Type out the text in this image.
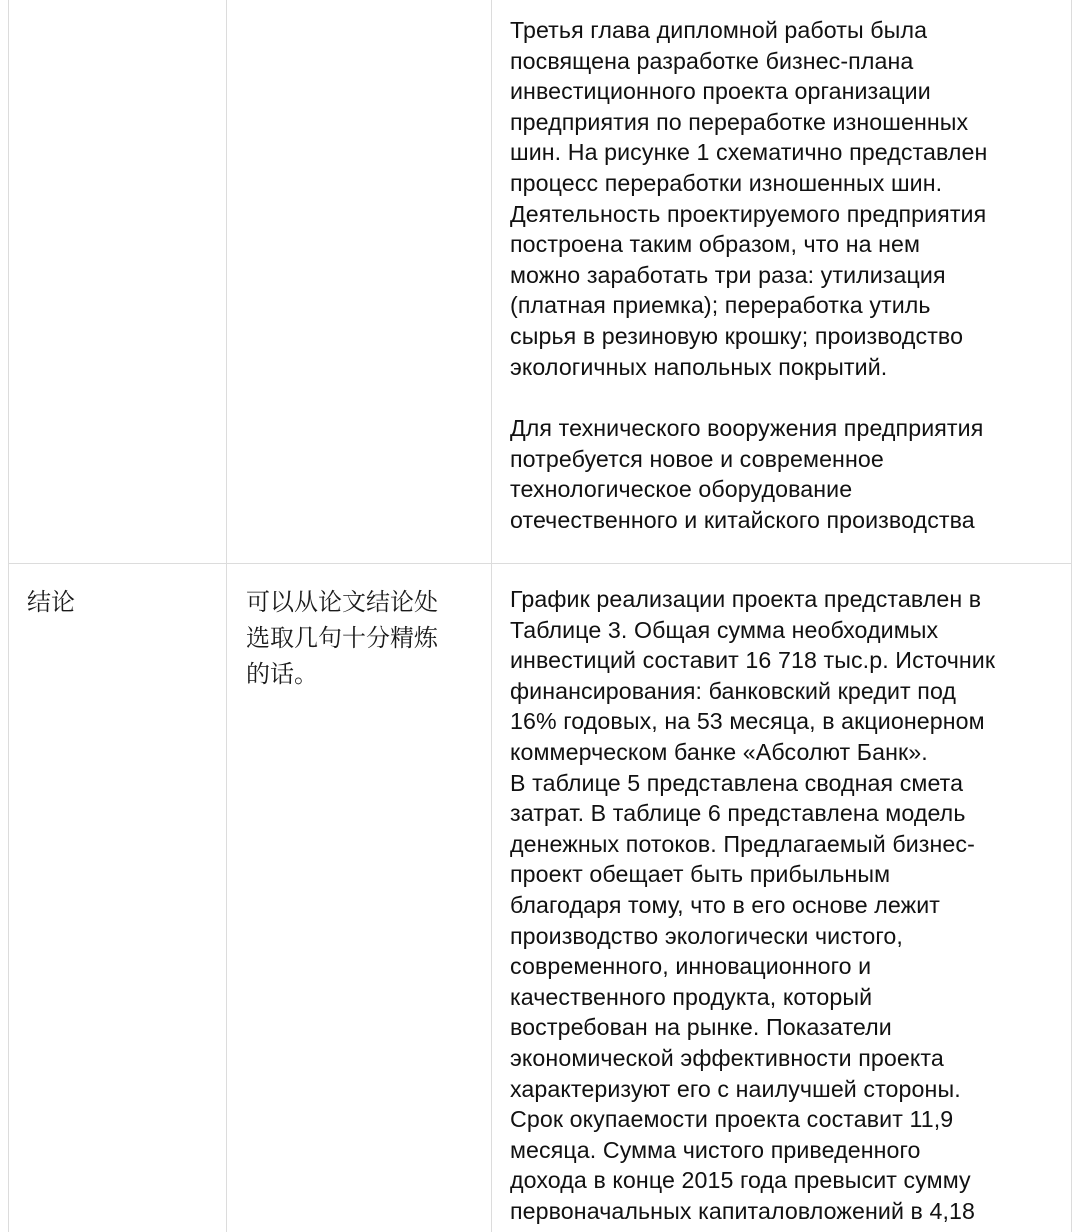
Третья глава дипломной работы была

посвящена разработке бизнес-плана

инвестиционного проекта организации

предприятия по переработке изношенных

шин. На рисунке 1 схематично представлен

процесс переработки изношенных шин.

Деятельность проектируемого предприятия

построена таким образом, что на нем

можно заработать три раза: утилизация

(платная приемка); переработка утиль

сырья в резиновую крошку; производство

экологичных напольных покрытий.

Для технического вооружения предприятия

потребуется новое и современное

технологическое оборудование

отечественного и китайского производства

结论	可以从论文结论处

选取几句十分精炼

的话。

График реализации проекта представлен в

Таблице 3. Общая сумма необходимых

инвестиций составит 16 718 тыс.р. Источник

финансирования: банковский кредит под

16% годовых, на 53 месяца, в акционерном

коммерческом банке «Абсолют Банк».

В таблице 5 представлена сводная смета

затрат. В таблице 6 представлена модель

денежных потоков. Предлагаемый бизнес-

проект обещает быть прибыльным

благодаря тому, что в его основе лежит

производство экологически чистого,

современного, инновационного и

качественного продукта, который

востребован на рынке. Показатели

экономической эффективности проекта

характеризуют его с наилучшей стороны.

Срок окупаемости проекта составит 11,9

месяца. Сумма чистого приведенного

дохода в конце 2015 года превысит сумму

первоначальных капиталовложений в 4,18
